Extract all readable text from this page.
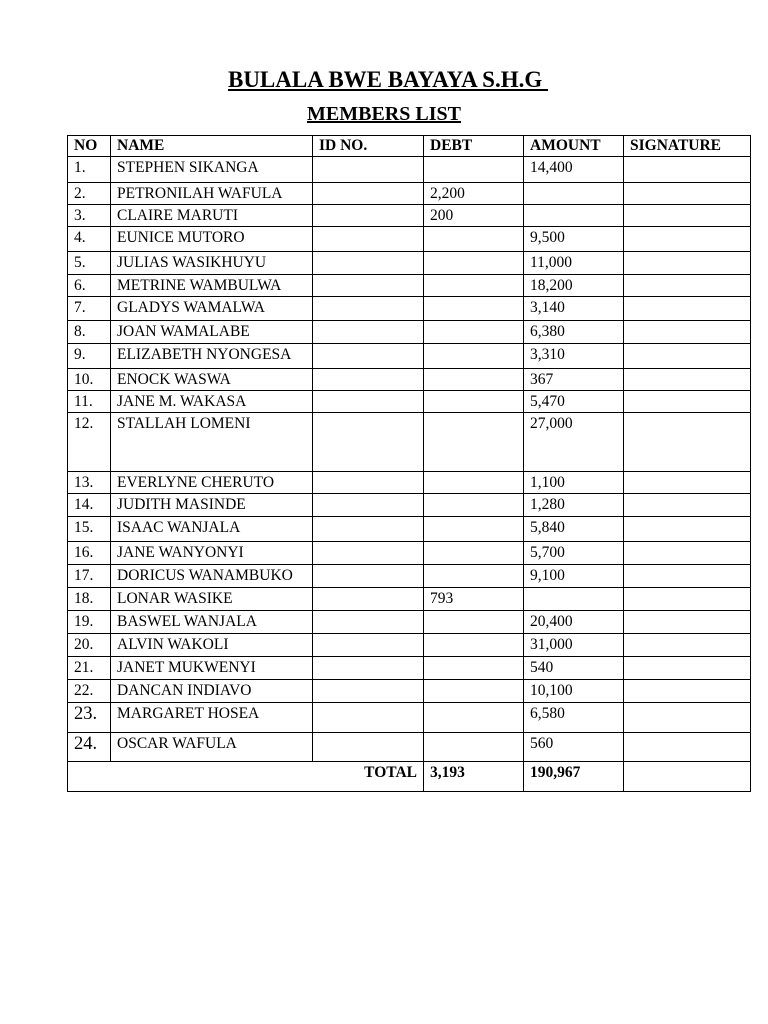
BULALA BWE BAYAYA S.H.G
MEMBERS LIST
NO	NAME	ID NO.	DEBT	AMOUNT	SIGNATURE
1.	STEPHEN SIKANGA			14,400	
2.	PETRONILAH WAFULA		2,200		
3.	CLAIRE MARUTI		200		
4.	EUNICE MUTORO			9,500	
5.	JULIAS WASIKHUYU			11,000	
6.	METRINE WAMBULWA			18,200	
7.	GLADYS WAMALWA			3,140	
8.	JOAN WAMALABE			6,380	
9.	ELIZABETH NYONGESA			3,310	
10.	ENOCK WASWA			367	
11.	JANE M. WAKASA			5,470	
12.	STALLAH LOMENI			27,000	
13.	EVERLYNE CHERUTO			1,100	
14.	JUDITH MASINDE			1,280	
15.	ISAAC WANJALA			5,840	
16.	JANE WANYONYI			5,700	
17.	DORICUS WANAMBUKO			9,100	
18.	LONAR WASIKE		793		
19.	BASWEL WANJALA			20,400	
20.	ALVIN WAKOLI			31,000	
21.	JANET MUKWENYI			540	
22.	DANCAN INDIAVO			10,100	
23.	MARGARET HOSEA			6,580	
24.	OSCAR WAFULA			560	
TOTAL			3,193	190,967	
